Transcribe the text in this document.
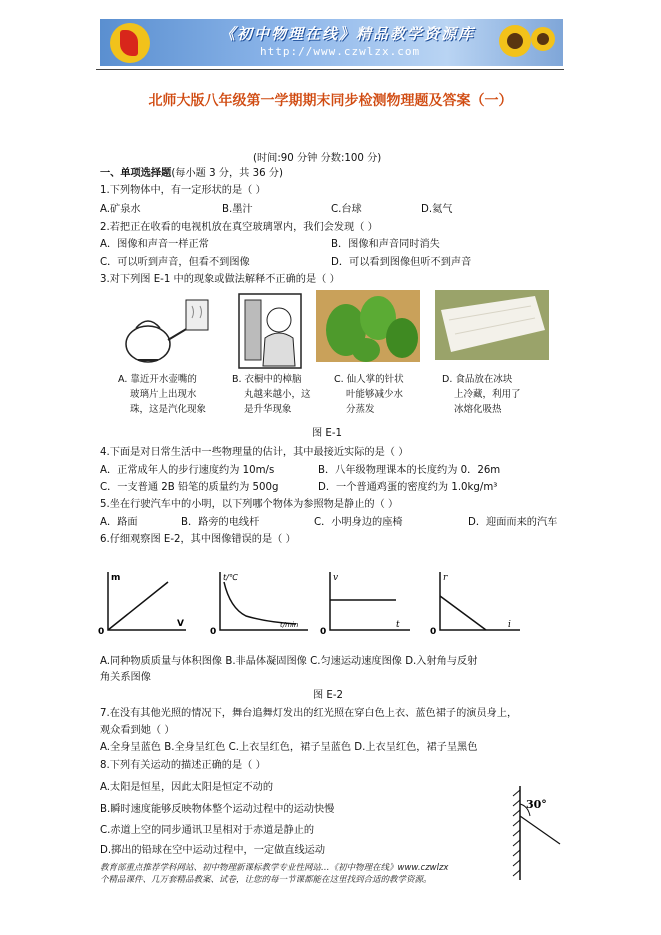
《初中物理在线》精品教学资源库
http://www.czwlzx.com
北师大版八年级第一学期期末同步检测物理题及答案（一）
(时间:90 分钟 分数:100 分)
一、单项选择题(每小题 3 分，共 36 分)
1.下列物体中，有一定形状的是（ ）
A.矿泉水	B.墨汁	C.台球	D.氦气
2.若把正在收看的电视机放在真空玻璃罩内，我们会发现（ ）
A．图像和声音一样正常	B．图像和声音同时消失
C．可以听到声音，但看不到图像	D．可以看到图像但听不到声音
3.对下列图 E-1 中的现象或做法解释不正确的是（ ）
A. 靠近开水壶嘴的
玻璃片上出现水
珠，这是汽化现象
B. 衣橱中的樟脑
丸越来越小，这
是升华现象
C. 仙人掌的针状
叶能够减少水
分蒸发
D. 食品放在冰块
上冷藏，利用了
冰熔化吸热
图 E-1
4.下面是对日常生活中一些物理量的估计，其中最接近实际的是（ ）
A．正常成年人的步行速度约为 10m/s	B．八年级物理课本的长度约为 0．26m
C．一支普通 2B 铅笔的质量约为 500g	D．一个普通鸡蛋的密度约为 1.0kg/m³
5.坐在行驶汽车中的小明，以下列哪个物体为参照物是静止的（ ）
A．路面	B．路旁的电线杆	C．小明身边的座椅	D．迎面而来的汽车
6.仔细观察图 E-2，其中图像错误的是（ ）
m
V
0
t/℃
t/min
0
v
t
0
r
i
0
A.同种物质质量与体积图像 B.非晶体凝固图像 C.匀速运动速度图像 D.入射角与反射
角关系图像
图 E-2
7.在没有其他光照的情况下，舞台追舞灯发出的红光照在穿白色上衣、蓝色裙子的演员身上，
观众看到她（ ）
A.全身呈蓝色 B.全身呈红色 C.上衣呈红色，裙子呈蓝色 D.上衣呈红色，裙子呈黑色
8.下列有关运动的描述正确的是（ ）
A.太阳是恒星，因此太阳是恒定不动的
B.瞬时速度能够反映物体整个运动过程中的运动快慢
C.赤道上空的同步通讯卫星相对于赤道是静止的
D.掷出的铅球在空中运动过程中，一定做直线运动
30°
教育部重点推荐学科网站、初中物理新课标教学专业性网站…《初中物理在线》www.czwlzx
个精品课件、几万套精品教案、试卷，让您的每一节课都能在这里找到合适的教学资源。
